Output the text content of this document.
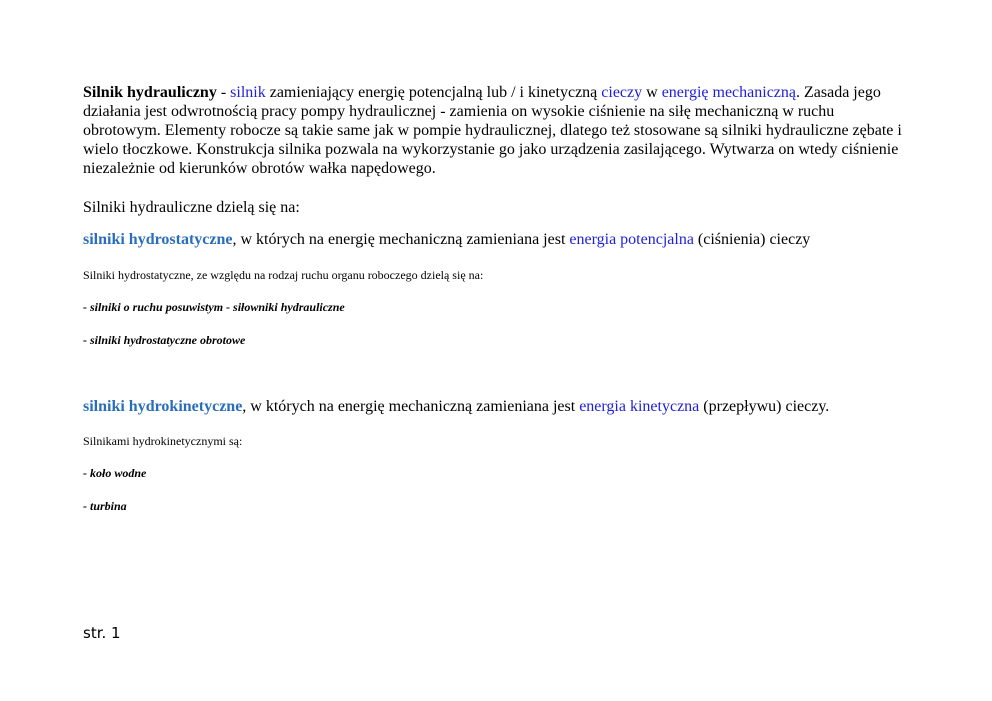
Silnik hydrauliczny - silnik zamieniający energię potencjalną lub / i kinetyczną cieczy w energię mechaniczną. Zasada jego działania jest odwrotnością pracy pompy hydraulicznej - zamienia on wysokie ciśnienie na siłę mechaniczną w ruchu obrotowym. Elementy robocze są takie same jak w pompie hydraulicznej, dlatego też stosowane są silniki hydrauliczne zębate i wielo tłoczkowe. Konstrukcja silnika pozwala na wykorzystanie go jako urządzenia zasilającego. Wytwarza on wtedy ciśnienie niezależnie od kierunków obrotów wałka napędowego.

Silniki hydrauliczne dzielą się na:

silniki hydrostatyczne, w których na energię mechaniczną zamieniana jest energia potencjalna (ciśnienia) cieczy

Silniki hydrostatyczne, ze względu na rodzaj ruchu organu roboczego dzielą się na:

- silniki o ruchu posuwistym - siłowniki hydrauliczne

- silniki hydrostatyczne obrotowe

silniki hydrokinetyczne, w których na energię mechaniczną zamieniana jest energia kinetyczna (przepływu) cieczy.

Silnikami hydrokinetycznymi są:

- koło wodne

- turbina

str. 1
